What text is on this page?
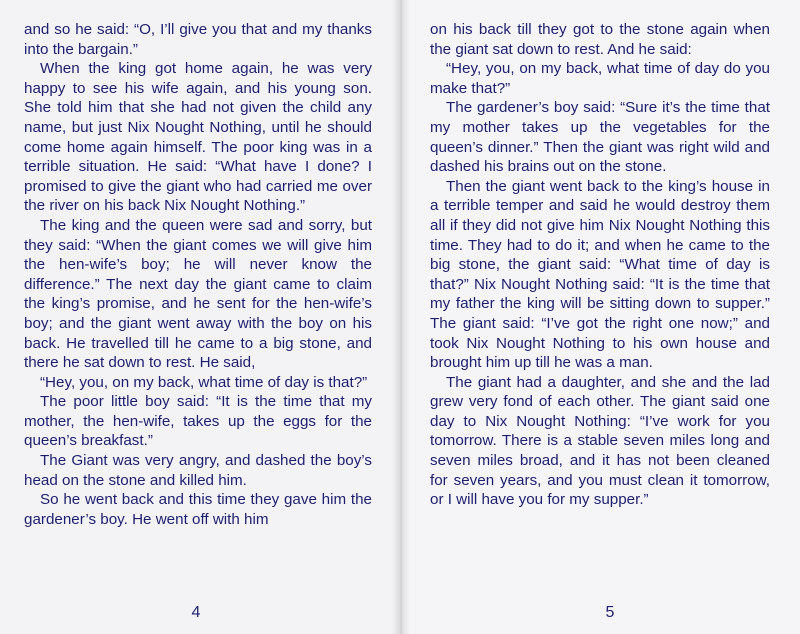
and so he said: “O, I’ll give you that and my thanks into the bargain.”

When the king got home again, he was very happy to see his wife again, and his young son. She told him that she had not given the child any name, but just Nix Nought Nothing, until he should come home again himself. The poor king was in a terrible situation. He said: “What have I done? I promised to give the giant who had carried me over the river on his back Nix Nought Nothing.”

The king and the queen were sad and sorry, but they said: “When the giant comes we will give him the hen-wife’s boy; he will never know the difference.” The next day the giant came to claim the king’s promise, and he sent for the hen-wife’s boy; and the giant went away with the boy on his back. He travelled till he came to a big stone, and there he sat down to rest. He said,

“Hey, you, on my back, what time of day is that?”

The poor little boy said: “It is the time that my mother, the hen-wife, takes up the eggs for the queen’s breakfast.”

The Giant was very angry, and dashed the boy’s head on the stone and killed him.

So he went back and this time they gave him the gardener’s boy. He went off with him

4

on his back till they got to the stone again when the giant sat down to rest. And he said:

“Hey, you, on my back, what time of day do you make that?”

The gardener’s boy said: “Sure it’s the time that my mother takes up the vegetables for the queen’s dinner.” Then the giant was right wild and dashed his brains out on the stone.

Then the giant went back to the king’s house in a terrible temper and said he would destroy them all if they did not give him Nix Nought Nothing this time. They had to do it; and when he came to the big stone, the giant said: “What time of day is that?” Nix Nought Nothing said: “It is the time that my father the king will be sitting down to supper.” The giant said: “I’ve got the right one now;” and took Nix Nought Nothing to his own house and brought him up till he was a man.

The giant had a daughter, and she and the lad grew very fond of each other. The giant said one day to Nix Nought Nothing: “I’ve work for you tomorrow. There is a stable seven miles long and seven miles broad, and it has not been cleaned for seven years, and you must clean it tomorrow, or I will have you for my supper.”

5
